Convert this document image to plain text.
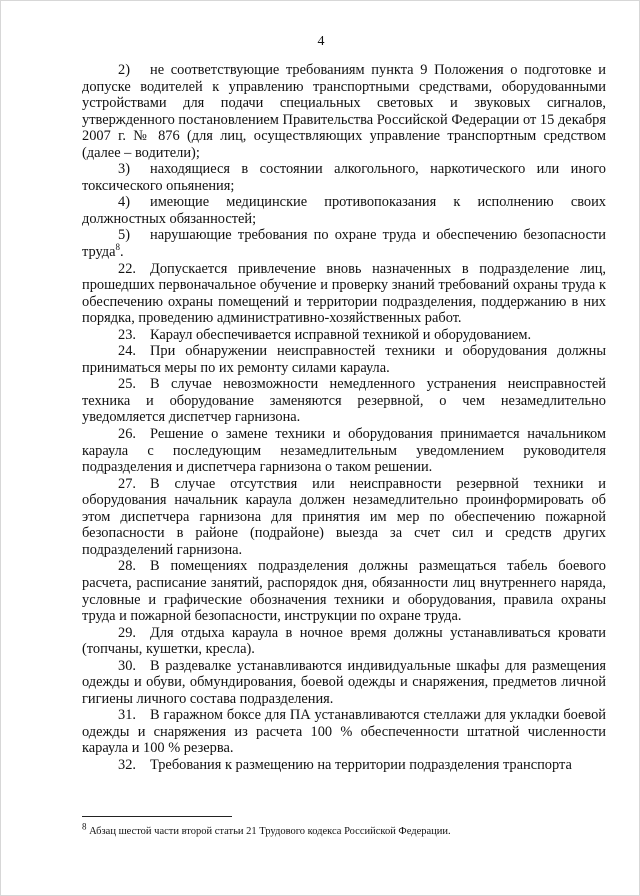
4

2) не соответствующие требованиям пункта 9 Положения о подготовке и допуске водителей к управлению транспортными средствами, оборудованными устройствами для подачи специальных световых и звуковых сигналов, утвержденного постановлением Правительства Российской Федерации от 15 декабря 2007 г. № 876 (для лиц, осуществляющих управление транспортным средством (далее – водители);

3) находящиеся в состоянии алкогольного, наркотического или иного токсического опьянения;

4) имеющие медицинские противопоказания к исполнению своих должностных обязанностей;

5) нарушающие требования по охране труда и обеспечению безопасности труда$^8$.

22. Допускается привлечение вновь назначенных в подразделение лиц, прошедших первоначальное обучение и проверку знаний требований охраны труда к обеспечению охраны помещений и территории подразделения, поддержанию в них порядка, проведению административно-хозяйственных работ.

23. Караул обеспечивается исправной техникой и оборудованием.

24. При обнаружении неисправностей техники и оборудования должны приниматься меры по их ремонту силами караула.

25. В случае невозможности немедленного устранения неисправностей техника и оборудование заменяются резервной, о чем незамедлительно уведомляется диспетчер гарнизона.

26. Решение о замене техники и оборудования принимается начальником караула с последующим незамедлительным уведомлением руководителя подразделения и диспетчера гарнизона о таком решении.

27. В случае отсутствия или неисправности резервной техники и оборудования начальник караула должен незамедлительно проинформировать об этом диспетчера гарнизона для принятия им мер по обеспечению пожарной безопасности в районе (подрайоне) выезда за счет сил и средств других подразделений гарнизона.

28. В помещениях подразделения должны размещаться табель боевого расчета, расписание занятий, распорядок дня, обязанности лиц внутреннего наряда, условные и графические обозначения техники и оборудования, правила охраны труда и пожарной безопасности, инструкции по охране труда.

29. Для отдыха караула в ночное время должны устанавливаться кровати (топчаны, кушетки, кресла).

30. В раздевалке устанавливаются индивидуальные шкафы для размещения одежды и обуви, обмундирования, боевой одежды и снаряжения, предметов личной гигиены личного состава подразделения.

31. В гаражном боксе для ПА устанавливаются стеллажи для укладки боевой одежды и снаряжения из расчета 100 % обеспеченности штатной численности караула и 100 % резерва.

32. Требования к размещению на территории подразделения транспорта

$^8$ Абзац шестой части второй статьи 21 Трудового кодекса Российской Федерации.
